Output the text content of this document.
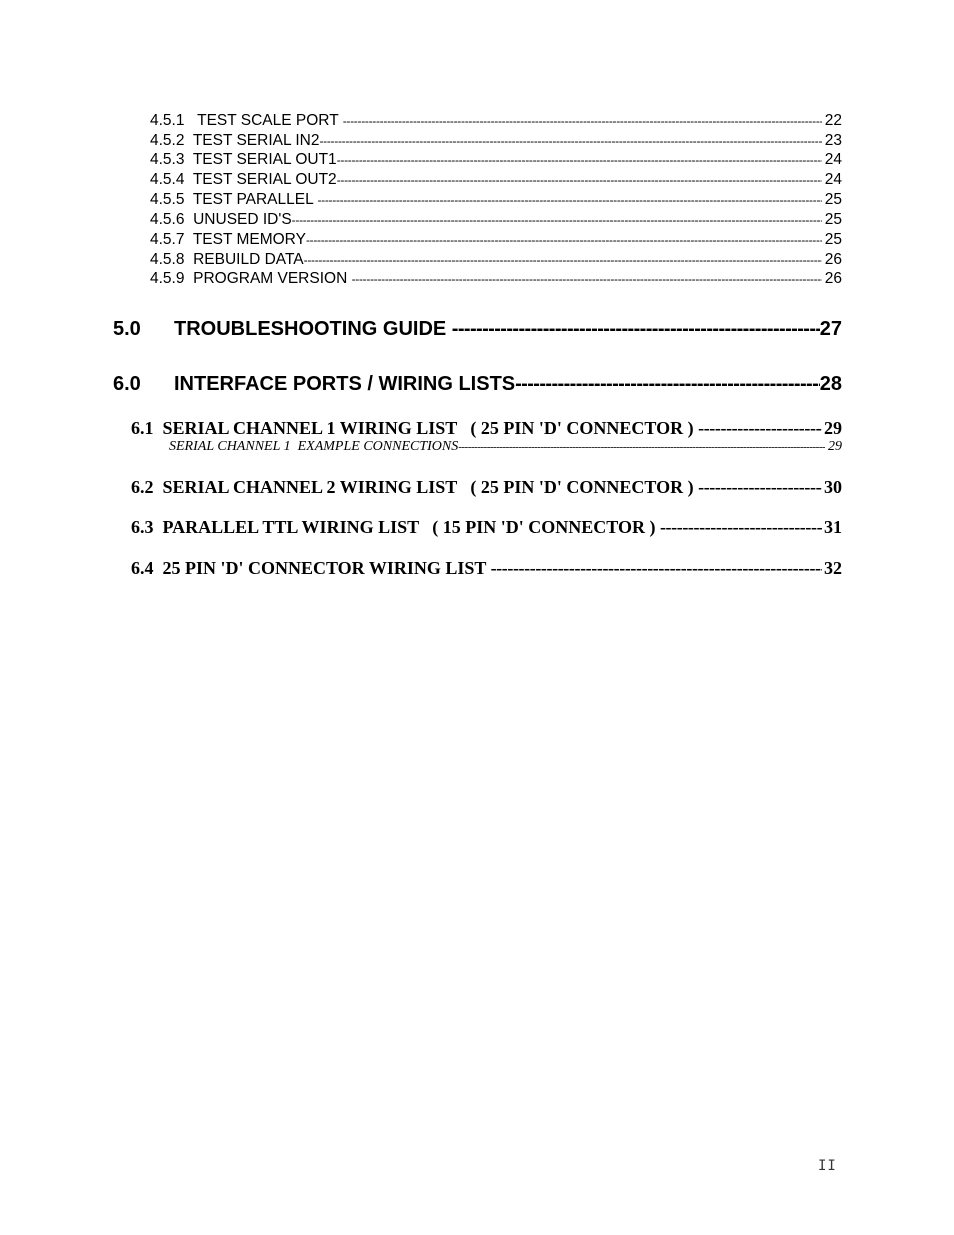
4.5.1 TEST SCALE PORT -----	22
4.5.2 TEST SERIAL IN2 -----	23
4.5.3 TEST SERIAL OUT1 -----	24
4.5.4 TEST SERIAL OUT2 -----	24
4.5.5 TEST PARALLEL -----	25
4.5.6 UNUSED ID'S -----	25
4.5.7 TEST MEMORY -----	25
4.5.8 REBUILD DATA -----	26
4.5.9 PROGRAM VERSION -----	26
5.0 TROUBLESHOOTING GUIDE -----	27
6.0 INTERFACE PORTS / WIRING LISTS -----	28
6.1 SERIAL CHANNEL 1 WIRING LIST   ( 25 PIN 'D' CONNECTOR ) -----	29
SERIAL CHANNEL 1  EXAMPLE CONNECTIONS -----	29
6.2 SERIAL CHANNEL 2 WIRING LIST   ( 25 PIN 'D' CONNECTOR ) -----	30
6.3 PARALLEL TTL WIRING LIST   ( 15 PIN 'D' CONNECTOR ) -----	31
6.4 25 PIN 'D' CONNECTOR WIRING LIST -----	32
II
